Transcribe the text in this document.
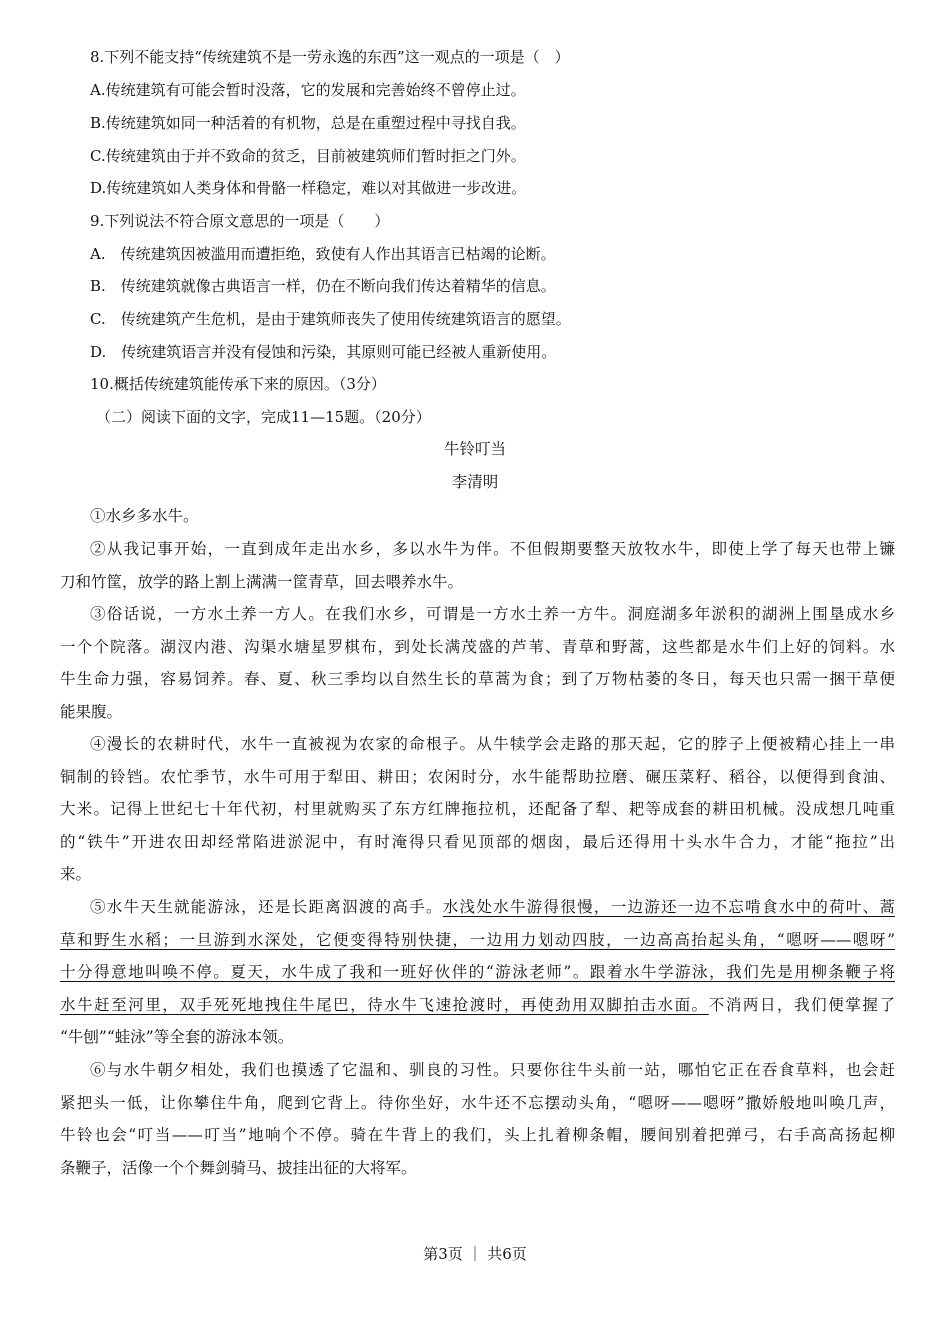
8.下列不能支持“传统建筑不是一劳永逸的东西”这一观点的一项是（　）
A.传统建筑有可能会暂时没落，它的发展和完善始终不曾停止过。
B.传统建筑如同一种活着的有机物，总是在重塑过程中寻找自我。
C.传统建筑由于并不致命的贫乏，目前被建筑师们暂时拒之门外。
D.传统建筑如人类身体和骨骼一样稳定，难以对其做进一步改进。
9.下列说法不符合原文意思的一项是（　　）
A.　传统建筑因被滥用而遭拒绝，致使有人作出其语言已枯竭的论断。
B.　传统建筑就像古典语言一样，仍在不断向我们传达着精华的信息。
C.　传统建筑产生危机，是由于建筑师丧失了使用传统建筑语言的愿望。
D.　传统建筑语言并没有侵蚀和污染，其原则可能已经被人重新使用。
10.概括传统建筑能传承下来的原因。（3分）
（二）阅读下面的文字，完成11—15题。（20分）
牛铃叮当
李清明
①水乡多水牛。
②从我记事开始，一直到成年走出水乡，多以水牛为伴。不但假期要整天放牧水牛，即使上学了每天也带上镰
刀和竹筐，放学的路上割上满满一筐青草，回去喂养水牛。
③俗话说，一方水土养一方人。在我们水乡，可谓是一方水土养一方牛。洞庭湖多年淤积的湖洲上围垦成水乡
一个个院落。湖汊内港、沟渠水塘星罗棋布，到处长满茂盛的芦苇、青草和野蒿，这些都是水牛们上好的饲料。水
牛生命力强，容易饲养。春、夏、秋三季均以自然生长的草蒿为食；到了万物枯萎的冬日，每天也只需一捆干草便
能果腹。
④漫长的农耕时代，水牛一直被视为农家的命根子。从牛犊学会走路的那天起，它的脖子上便被精心挂上一串
铜制的铃铛。农忙季节，水牛可用于犁田、耕田；农闲时分，水牛能帮助拉磨、碾压菜籽、稻谷，以便得到食油、
大米。记得上世纪七十年代初，村里就购买了东方红牌拖拉机，还配备了犁、耙等成套的耕田机械。没成想几吨重
的“铁牛”开进农田却经常陷进淤泥中，有时淹得只看见顶部的烟囱，最后还得用十头水牛合力，才能“拖拉”出
来。
⑤水牛天生就能游泳，还是长距离泅渡的高手。水浅处水牛游得很慢，一边游还一边不忘啃食水中的荷叶、蒿
草和野生水稻；一旦游到水深处，它便变得特别快捷，一边用力划动四肢，一边高高抬起头角，“嗯呀——嗯呀”
十分得意地叫唤不停。夏天，水牛成了我和一班好伙伴的“游泳老师”。跟着水牛学游泳，我们先是用柳条鞭子将
水牛赶至河里，双手死死地拽住牛尾巴，待水牛飞速抢渡时，再使劲用双脚拍击水面。不消两日，我们便掌握了
“牛刨”“蛙泳”等全套的游泳本领。
⑥与水牛朝夕相处，我们也摸透了它温和、驯良的习性。只要你往牛头前一站，哪怕它正在吞食草料，也会赶
紧把头一低，让你攀住牛角，爬到它背上。待你坐好，水牛还不忘摆动头角，“嗯呀——嗯呀”撒娇般地叫唤几声，
牛铃也会“叮当——叮当”地响个不停。骑在牛背上的我们，头上扎着柳条帽，腰间别着把弹弓，右手高高扬起柳
条鞭子，活像一个个舞剑骑马、披挂出征的大将军。
第3页 ｜ 共6页
